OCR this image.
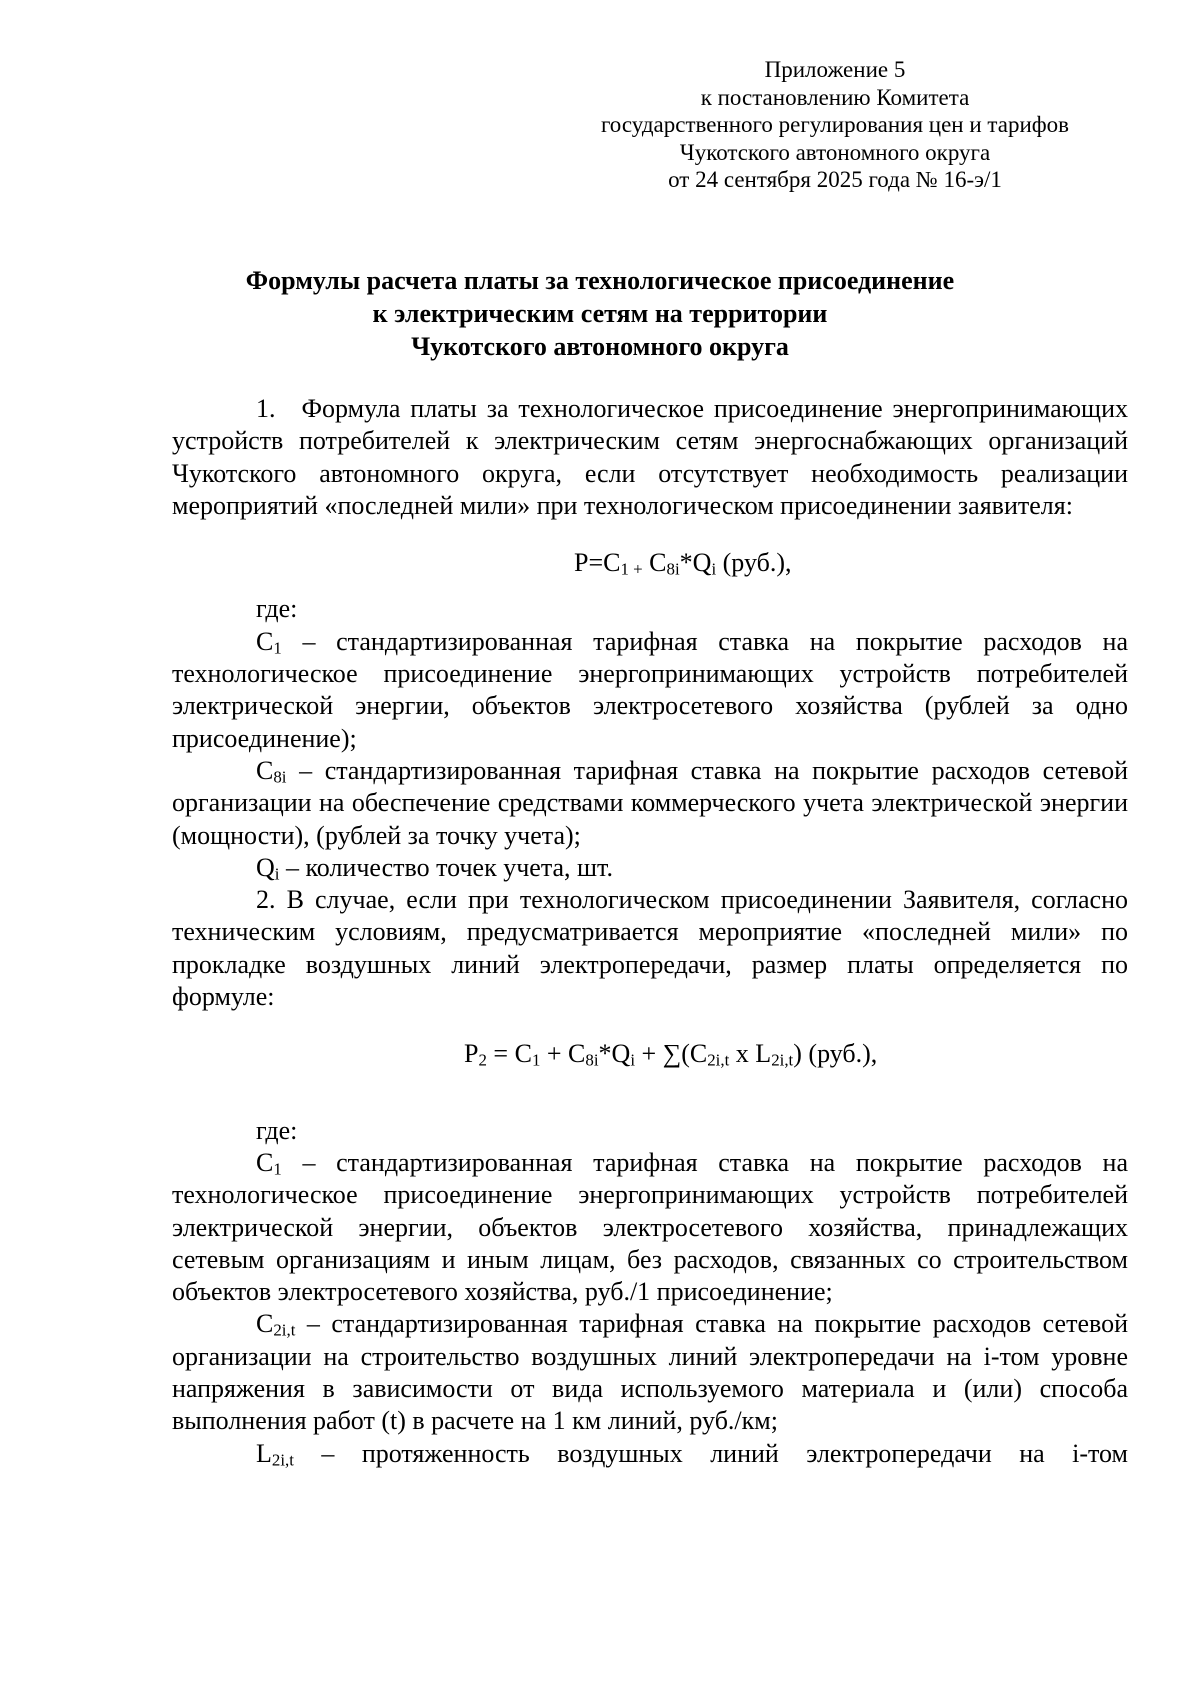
Приложение 5
к постановлению Комитета
государственного регулирования цен и тарифов
Чукотского автономного округа
от 24 сентября 2025 года № 16-э/1
Формулы расчета платы за технологическое присоединение
к электрическим сетям на территории
Чукотского автономного округа

1. Формула платы за технологическое присоединение энергопринимающих устройств потребителей к электрическим сетям энергоснабжающих организаций Чукотского автономного округа, если отсутствует необходимость реализации мероприятий «последней мили» при технологическом присоединении заявителя:

$P=C_{1 +}$ $C_{8i}*Q_i$ (руб.),

где:

$C_1$ – стандартизированная тарифная ставка на покрытие расходов на технологическое присоединение энергопринимающих устройств потребителей электрической энергии, объектов электросетевого хозяйства (рублей за одно присоединение);

$C_{8i}$ – стандартизированная тарифная ставка на покрытие расходов сетевой организации на обеспечение средствами коммерческого учета электрической энергии (мощности), (рублей за точку учета);

$Q_i$ – количество точек учета, шт.

2. В случае, если при технологическом присоединении Заявителя, согласно техническим условиям, предусматривается мероприятие «последней мили» по прокладке воздушных линий электропередачи, размер платы определяется по формуле:

$P_2 = C_1 + C_{8i}*Q_i + \sum(C_{2i,t}$ x $L_{2i,t}$) (руб.),

где:

$C_1$ – стандартизированная тарифная ставка на покрытие расходов на технологическое присоединение энергопринимающих устройств потребителей электрической энергии, объектов электросетевого хозяйства, принадлежащих сетевым организациям и иным лицам, без расходов, связанных со строительством объектов электросетевого хозяйства, руб./1 присоединение;

$C_{2i,t}$ – стандартизированная тарифная ставка на покрытие расходов сетевой организации на строительство воздушных линий электропередачи на i-том уровне напряжения в зависимости от вида используемого материала и (или) способа выполнения работ (t) в расчете на 1 км линий, руб./км;

$L_{2i,t}$ – протяженность воздушных линий электропередачи на i-том
